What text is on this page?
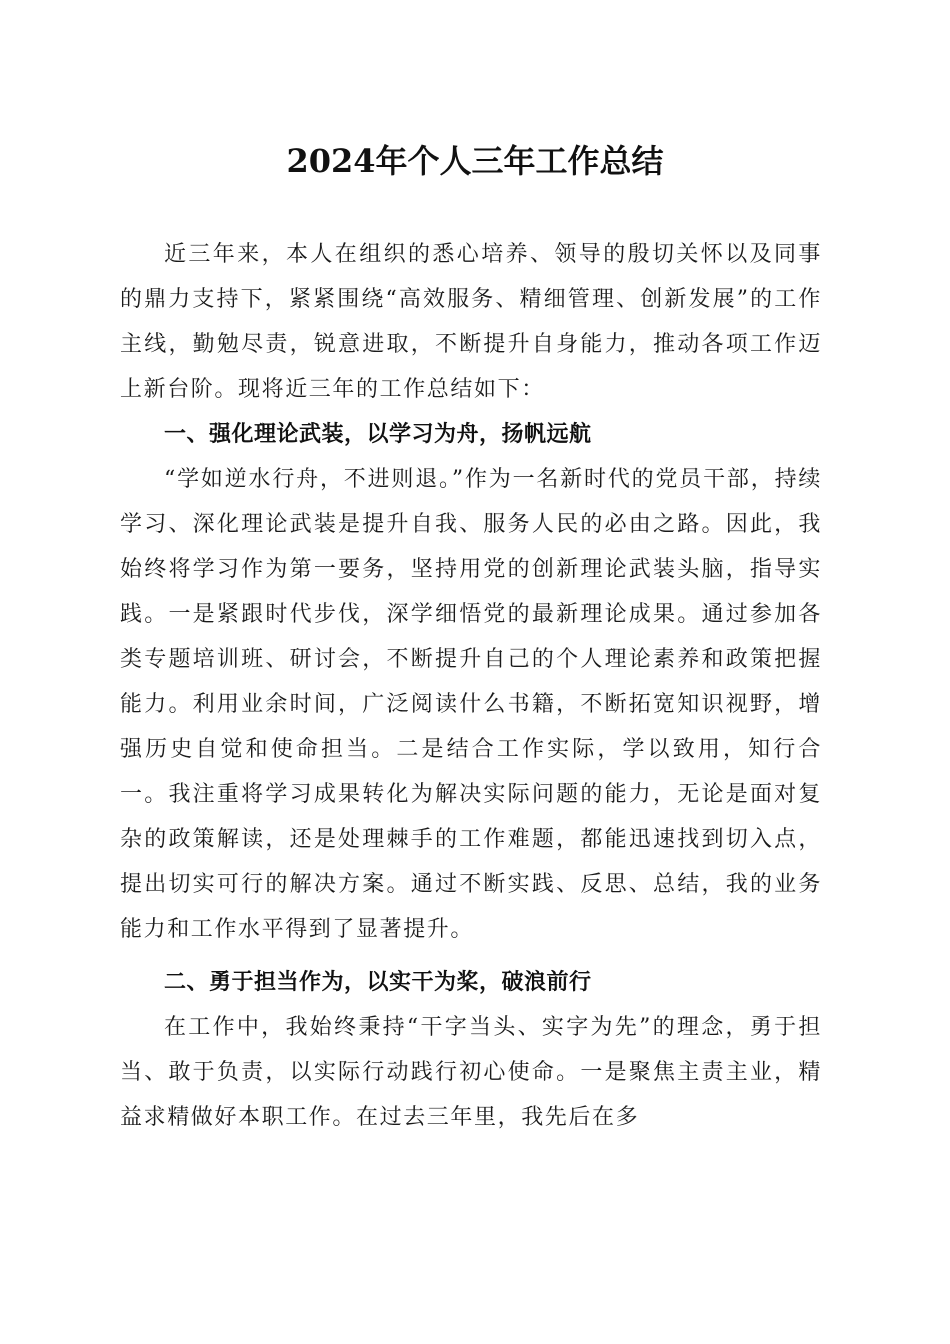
2024年个人三年工作总结

近三年来，本人在组织的悉心培养、领导的殷切关怀以及同事的鼎力支持下，紧紧围绕“高效服务、精细管理、创新发展”的工作主线，勤勉尽责，锐意进取，不断提升自身能力，推动各项工作迈上新台阶。现将近三年的工作总结如下：

一、强化理论武装，以学习为舟，扬帆远航

“学如逆水行舟，不进则退。”作为一名新时代的党员干部，持续学习、深化理论武装是提升自我、服务人民的必由之路。因此，我始终将学习作为第一要务，坚持用党的创新理论武装头脑，指导实践。一是紧跟时代步伐，深学细悟党的最新理论成果。通过参加各类专题培训班、研讨会，不断提升自己的个人理论素养和政策把握能力。利用业余时间，广泛阅读什么书籍，不断拓宽知识视野，增强历史自觉和使命担当。二是结合工作实际，学以致用，知行合一。我注重将学习成果转化为解决实际问题的能力，无论是面对复杂的政策解读，还是处理棘手的工作难题，都能迅速找到切入点，提出切实可行的解决方案。通过不断实践、反思、总结，我的业务能力和工作水平得到了显著提升。

二、勇于担当作为，以实干为桨，破浪前行

在工作中，我始终秉持“干字当头、实字为先”的理念，勇于担当、敢于负责，以实际行动践行初心使命。一是聚焦主责主业，精益求精做好本职工作。在过去三年里，我先后在多
